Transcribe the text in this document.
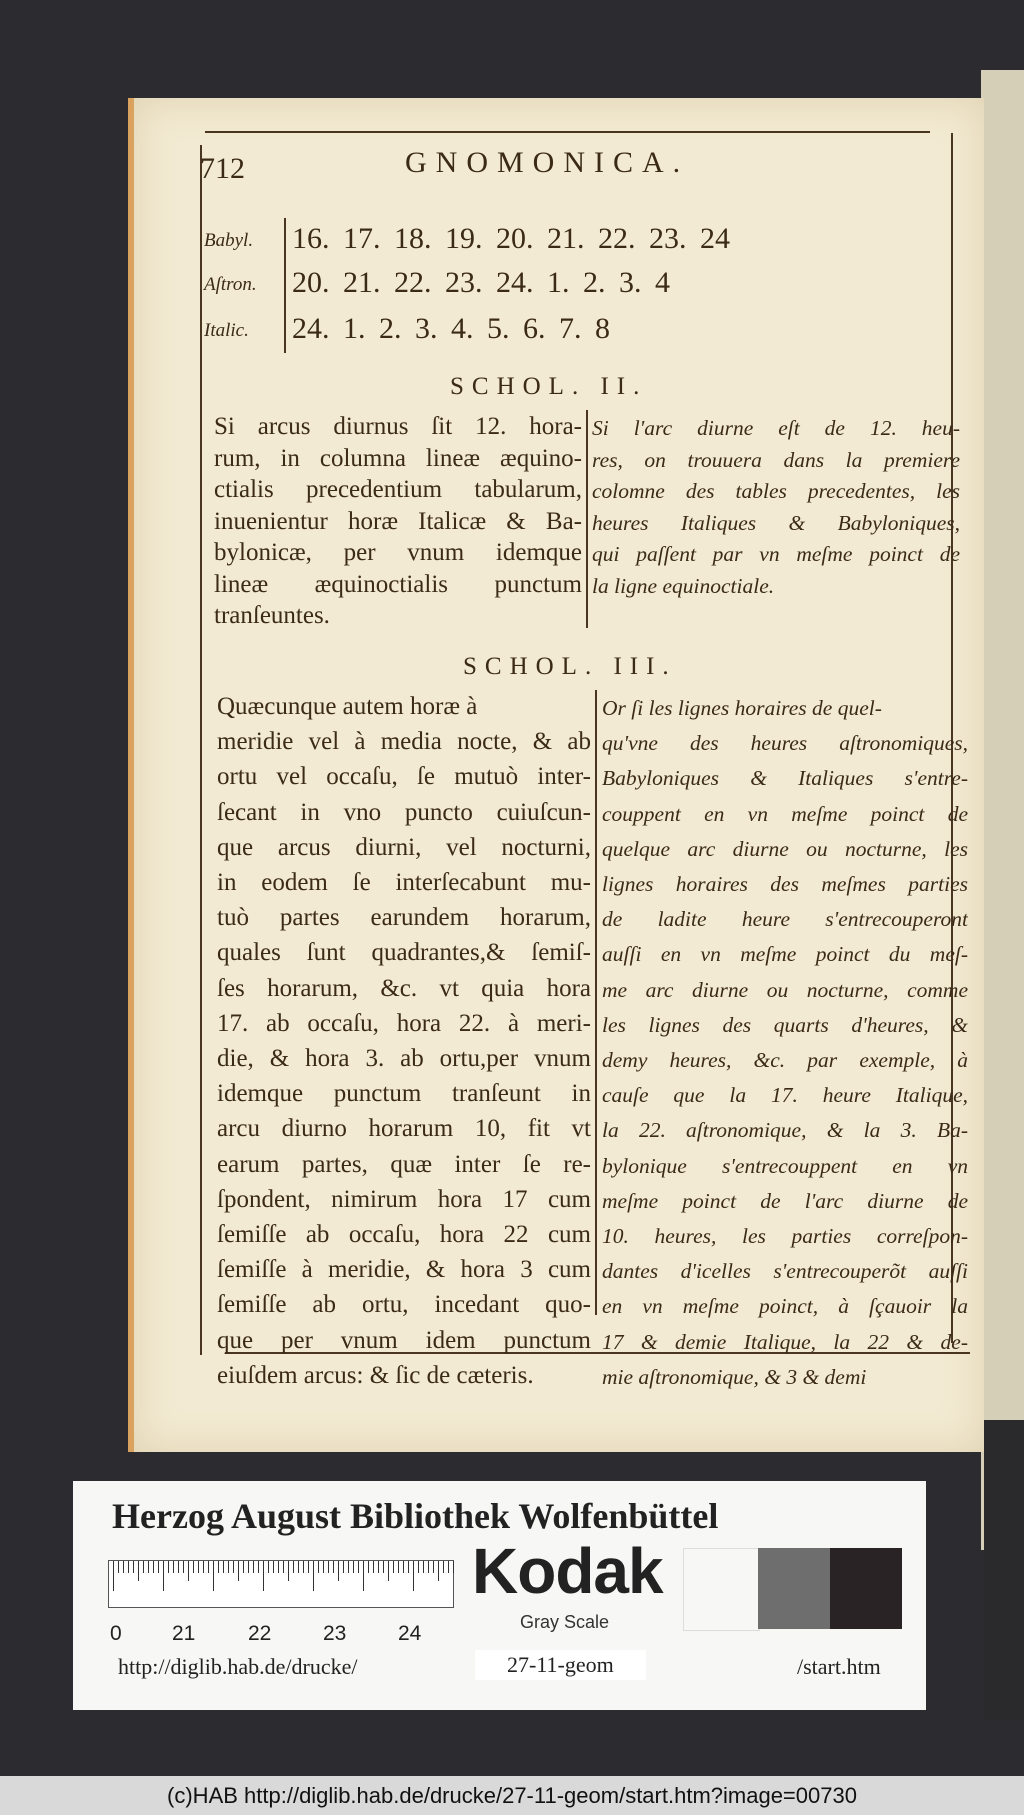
712	GNOMONICA.
Babyl.	16. 17. 18. 19. 20. 21. 22. 23. 24
Aſtron.	20. 21. 22. 23. 24. 1. 2. 3. 4
Italic.	24. 1. 2. 3. 4. 5. 6. 7. 8
SCHOL. II.
Si arcus diurnus ſit 12. hora-
rum, in columna lineæ æquino-
ctialis precedentium tabularum,
inuenientur horæ Italicæ & Ba-
bylonicæ, per vnum idemque
lineæ æquinoctialis punctum
tranſeuntes.
Si l'arc diurne eſt de 12. heu-
res, on trouuera dans la premiere
colomne des tables precedentes, les
heures Italiques & Babyloniques,
qui paſſent par vn meſme poinct de
la ligne equinoctiale.
SCHOL. III.
Quæcunque autem horæ à
meridie vel à media nocte, & ab
ortu vel occaſu, ſe mutuò inter-
ſecant in vno puncto cuiuſcun-
que arcus diurni, vel nocturni,
in eodem ſe interſecabunt mu-
tuò partes earundem horarum,
quales ſunt quadrantes,& ſemiſ-
ſes horarum, &c. vt quia hora
17. ab occaſu, hora 22. à meri-
die, & hora 3. ab ortu,per vnum
idemque punctum tranſeunt in
arcu diurno horarum 10, fit vt
earum partes, quæ inter ſe re-
ſpondent, nimirum hora 17 cum
ſemiſſe ab occaſu, hora 22 cum
ſemiſſe à meridie, & hora 3 cum
ſemiſſe ab ortu, incedant quo-
que per vnum idem punctum
eiuſdem arcus: & ſic de cæteris.
Or ſi les lignes horaires de quel-
qu'vne des heures aſtronomiques,
Babyloniques & Italiques s'entre-
couppent en vn meſme poinct de
quelque arc diurne ou nocturne, les
lignes horaires des meſmes parties
de ladite heure s'entrecouperont
auſſi en vn meſme poinct du meſ-
me arc diurne ou nocturne, comme
les lignes des quarts d'heures, &
demy heures, &c. par exemple, à
cauſe que la 17. heure Italique,
la 22. aſtronomique, & la 3. Ba-
bylonique s'entrecouppent en vn
meſme poinct de l'arc diurne de
10. heures, les parties correſpon-
dantes d'icelles s'entrecouperõt auſſi
en vn meſme poinct, à ſçauoir la
17 & demie Italique, la 22 & de-
mie aſtronomique, & 3 & demi
Herzog August Bibliothek Wolfenbüttel
0 21	22 23 24
Kodak
Gray Scale
http://diglib.hab.de/drucke/	27-11-geom	/start.htm
(c)HAB http://diglib.hab.de/drucke/27-11-geom/start.htm?image=00730
